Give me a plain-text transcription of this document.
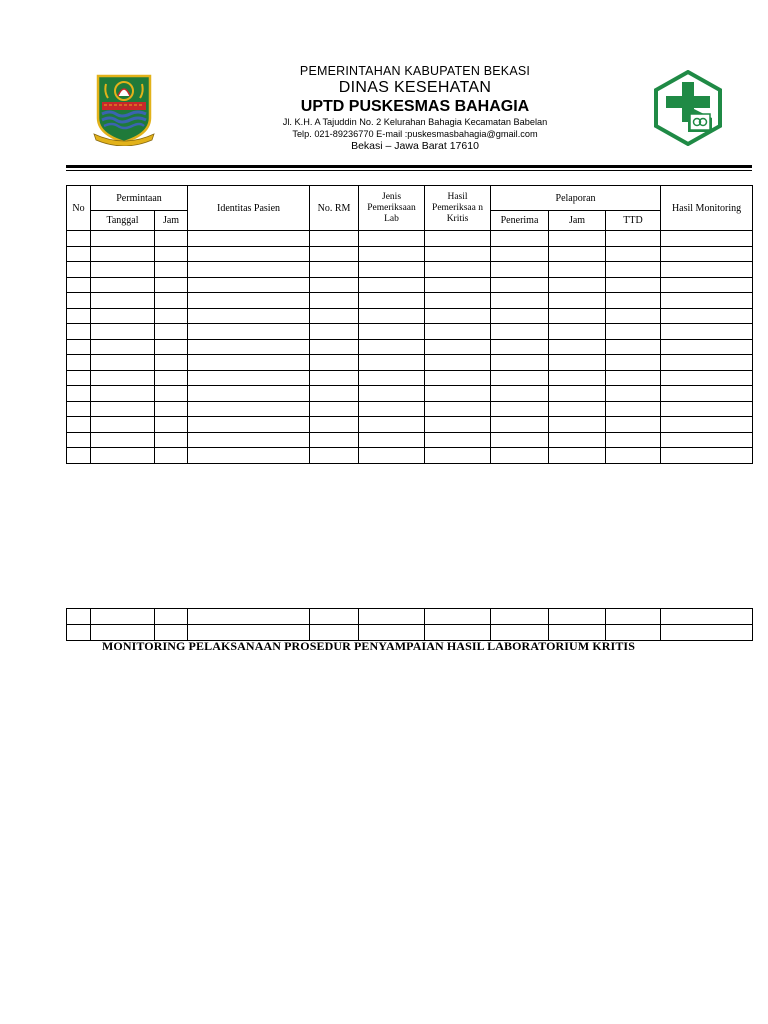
PEMERINTAHAN KABUPATEN BEKASI
DINAS KESEHATAN
UPTD PUSKESMAS BAHAGIA
Jl. K.H. A Tajuddin No. 2 Kelurahan Bahagia Kecamatan Babelan
Telp. 021-89236770 E-mail :puskesmasbahagia@gmail.com
Bekasi – Jawa Barat 17610
No	Permintaan		Identitas Pasien	No. RM	Jenis Pemeriksaan Lab	Hasil Pemeriksaa n Kritis	Pelaporan			Hasil Monitoring
	Tanggal	Jam					Penerima	Jam	TTD	

MONITORING PELAKSANAAN PROSEDUR PENYAMPAIAN HASIL LABORATORIUM KRITIS
